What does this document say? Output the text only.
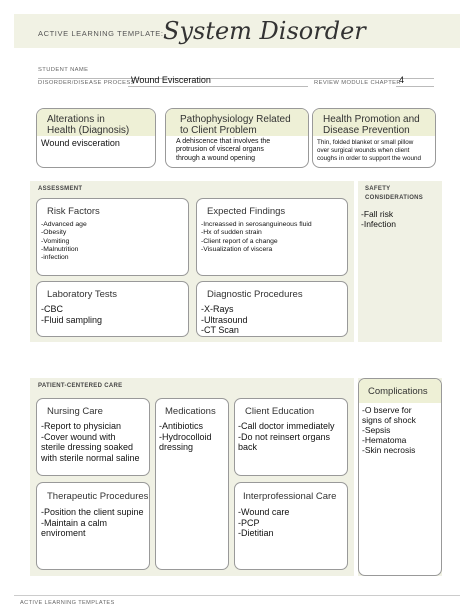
ACTIVE LEARNING TEMPLATE: System Disorder
STUDENT NAME
DISORDER/DISEASE PROCESS
Wound Evisceration	REVIEW MODULE CHAPTER
4
Alterations in
Health (Diagnosis)
Wound evisceration
Pathophysiology Related
to Client Problem
A dehiscence that involves the
protrusion of visceral organs
through a wound opening
Health Promotion and
Disease Prevention
Thin, folded blanket or small pillow
over surgical wounds when client
coughs in order to support the wound
ASSESSMENT
Risk Factors
-Advanced age
-Obesity
-Vomiting
-Malnutrition
-infection
Expected Findings
-Increassed in serosanguineous fluid
-Hx of sudden strain
-Client report of a change
-Visualization of viscera
Laboratory Tests
-CBC
-Fluid sampling
Diagnostic Procedures
-X-Rays
-Ultrasound
-CT Scan
SAFETY
CONSIDERATIONS
-Fall risk
-Infection
PATIENT-CENTERED CARE
Nursing Care
-Report to physician
-Cover wound with
sterile dressing soaked
with sterile normal saline
Medications
-Antibiotics
-Hydrocolloid
dressing
Client Education
-Call doctor immediately
-Do not reinsert organs
back
Therapeutic Procedures
-Position the client supine
-Maintain a calm
enviroment
Interprofessional Care
-Wound care
-PCP
-Dietitian
Complications
-O bserve for
signs of shock
-Sepsis
-Hematoma
-Skin necrosis
ACTIVE LEARNING TEMPLATES
